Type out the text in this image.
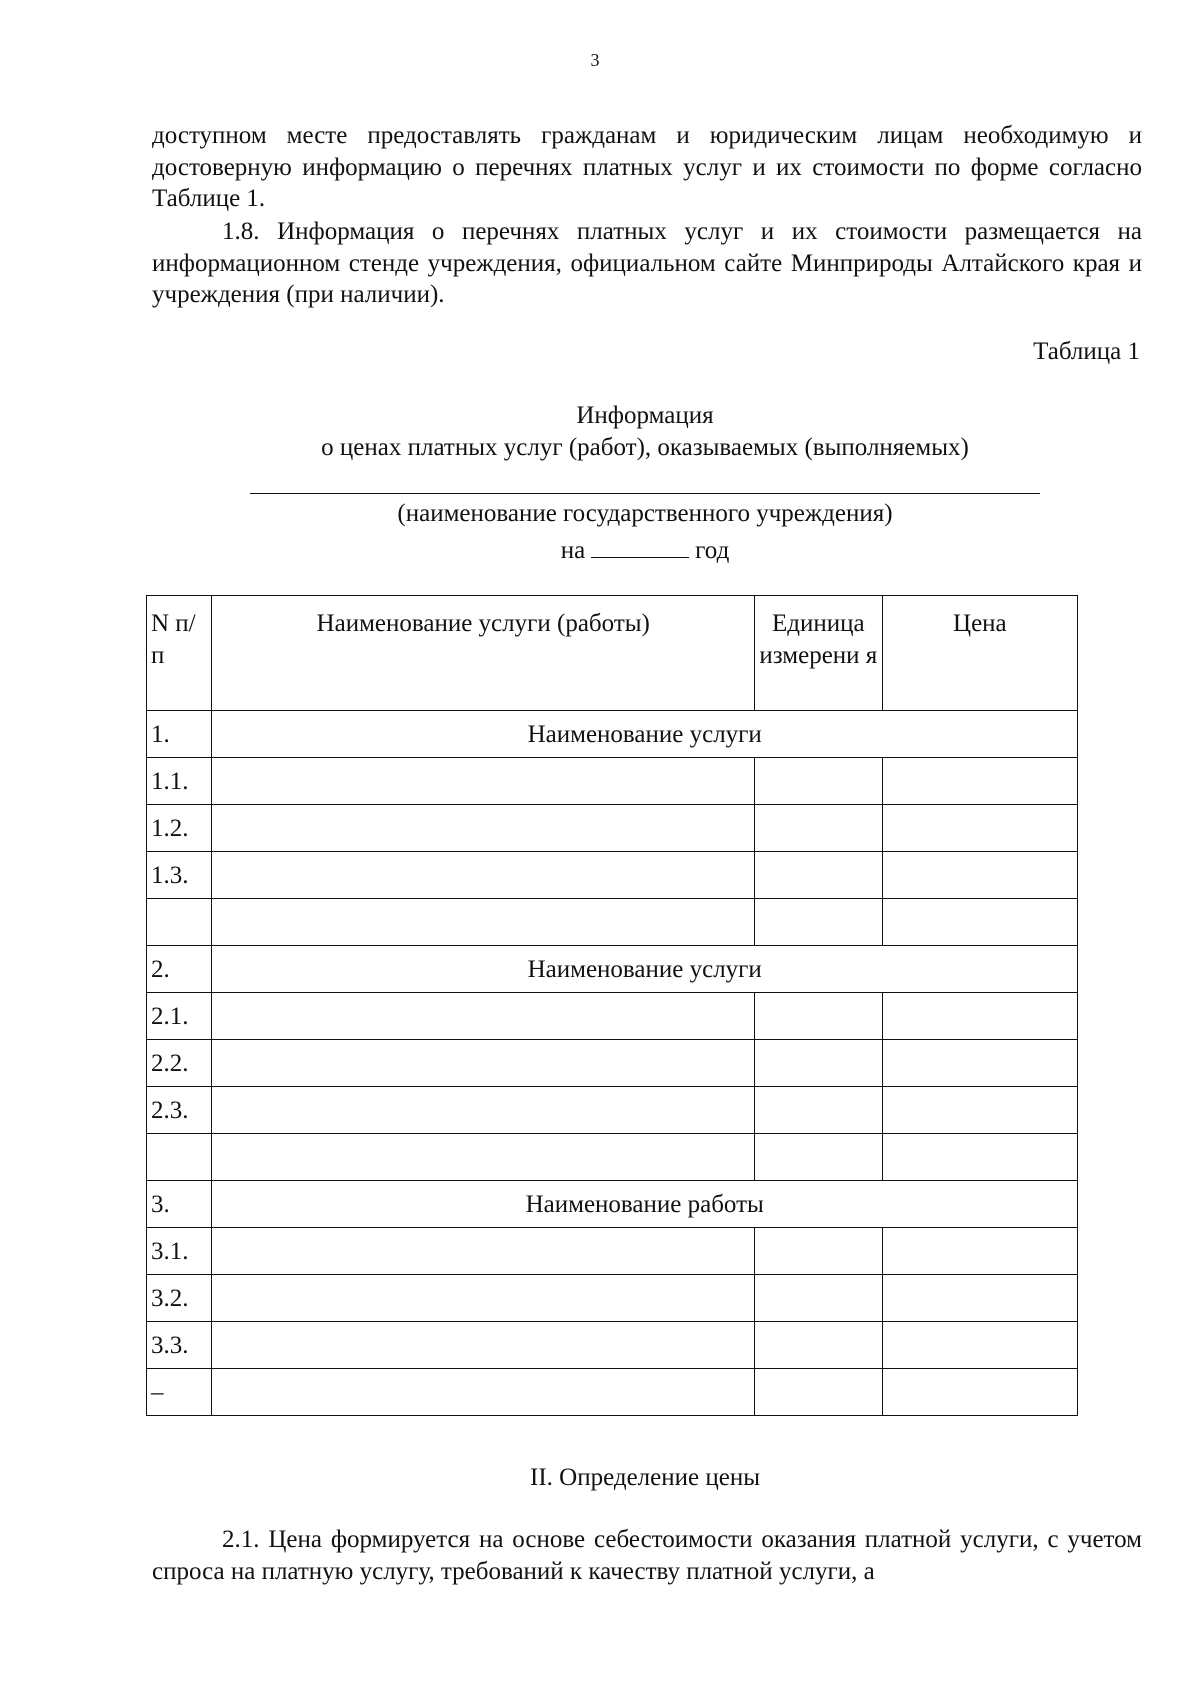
3

доступном месте предоставлять гражданам и юридическим лицам необходимую и достоверную информацию о перечнях платных услуг и их стоимости по форме согласно Таблице 1.

1.8. Информация о перечнях платных услуг и их стоимости размещается на информационном стенде учреждения, официальном сайте Минприроды Алтайского края и учреждения (при наличии).

Таблица 1
Информация
о ценах платных услуг (работ), оказываемых (выполняемых)
(наименование государственного учреждения)
на	год
N п/п	Наименование услуги (работы)	Единица измерени я	Цена
1.	Наименование услуги		
1.1.			
1.2.			
1.3.			

2.	Наименование услуги		
2.1.			
2.2.			
2.3.			

3.	Наименование работы		
3.1.			
3.2.			
3.3.			
–			
II. Определение цены

2.1. Цена формируется на основе себестоимости оказания платной услуги, с учетом спроса на платную услугу, требований к качеству платной услуги, а
